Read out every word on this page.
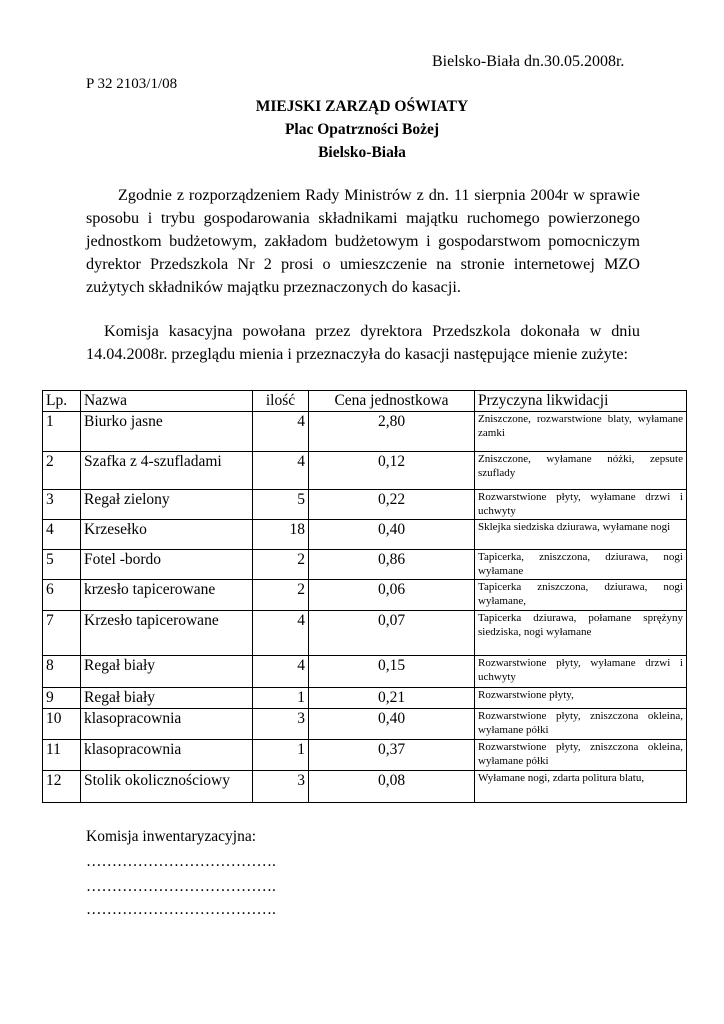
Bielsko-Biała dn.30.05.2008r.
P 32 2103/1/08
MIEJSKI ZARZĄD OŚWIATY
Plac Opatrzności Bożej
Bielsko-Biała
Zgodnie z rozporządzeniem Rady Ministrów z dn. 11 sierpnia 2004r w sprawie sposobu i trybu gospodarowania składnikami majątku ruchomego powierzonego jednostkom budżetowym, zakładom budżetowym i gospodarstwom pomocniczym dyrektor Przedszkola Nr 2 prosi o umieszczenie na stronie internetowej MZO zużytych składników majątku przeznaczonych do kasacji.
Komisja kasacyjna powołana przez dyrektora Przedszkola dokonała w dniu 14.04.2008r. przeglądu mienia i przeznaczyła do kasacji następujące mienie zużyte:
Lp.	Nazwa	ilość	Cena jednostkowa	Przyczyna likwidacji
1	Biurko jasne	4	2,80	Zniszczone, rozwarstwione blaty, wyłamane zamki
2	Szafka z 4-szufladami	4	0,12	Zniszczone, wyłamane nóżki, zepsute szuflady
3	Regał zielony	5	0,22	Rozwarstwione płyty, wyłamane drzwi i uchwyty
4	Krzesełko	18	0,40	Sklejka siedziska dziurawa, wyłamane nogi
5	Fotel -bordo	2	0,86	Tapicerka, zniszczona, dziurawa, nogi wyłamane
6	krzesło tapicerowane	2	0,06	Tapicerka zniszczona, dziurawa, nogi wyłamane,
7	Krzesło tapicerowane	4	0,07	Tapicerka dziurawa, połamane sprężyny siedziska, nogi wyłamane
8	Regał biały	4	0,15	Rozwarstwione płyty, wyłamane drzwi i uchwyty
9	Regał biały	1	0,21	Rozwarstwione płyty,
10	klasopracownia	3	0,40	Rozwarstwione płyty, zniszczona okleina, wyłamane półki
11	klasopracownia	1	0,37	Rozwarstwione płyty, zniszczona okleina, wyłamane półki
12	Stolik okolicznościowy	3	0,08	Wyłamane nogi, zdarta politura blatu,
Komisja inwentaryzacyjna:
……………………………….
……………………………….
……………………………….
